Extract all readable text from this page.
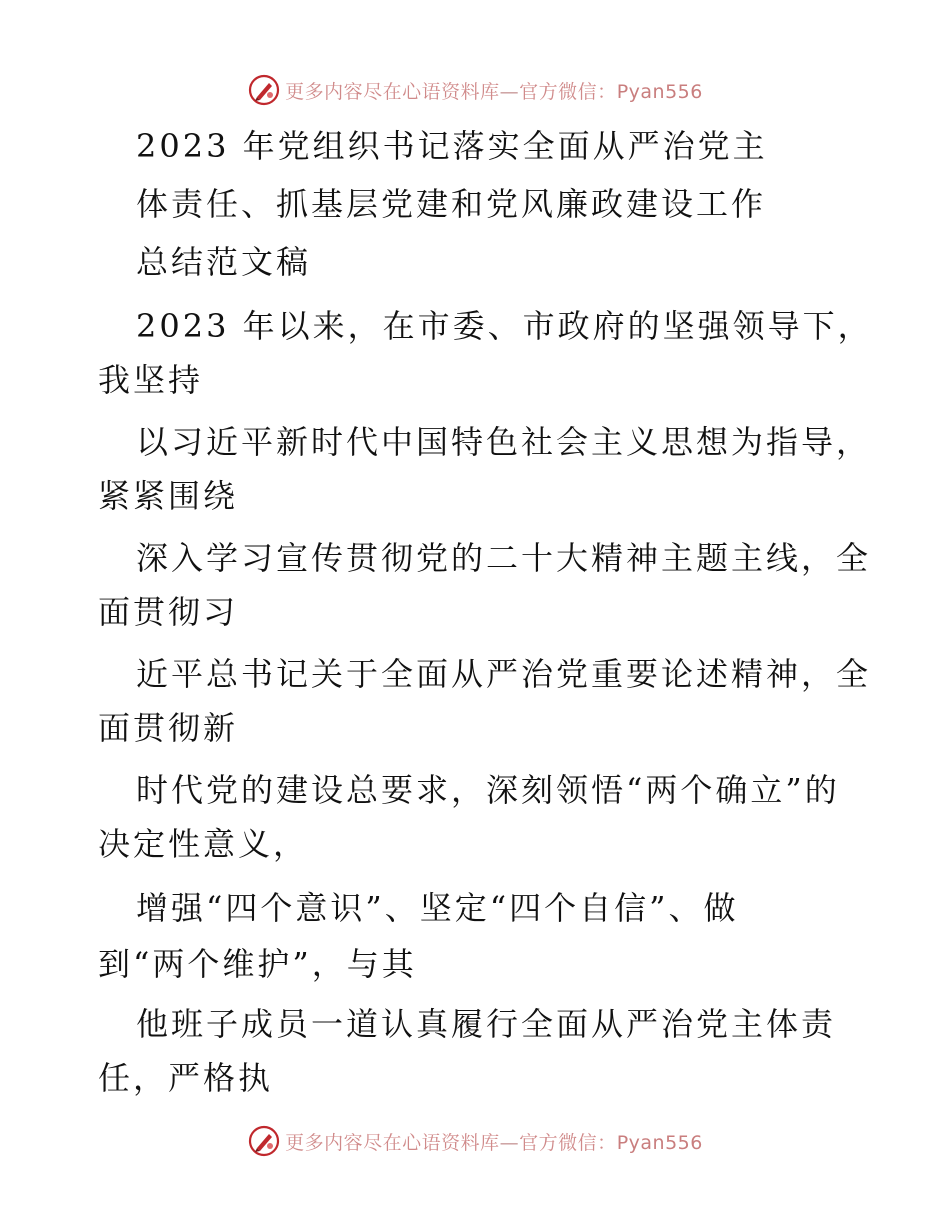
更多内容尽在心语资料库—官方微信：Pyan556
2023 年党组织书记落实全面从严治党主
体责任、抓基层党建和党风廉政建设工作
总结范文稿
2023 年以来，在市委、市政府的坚强领导下，
我坚持
以习近平新时代中国特色社会主义思想为指导，
紧紧围绕
深入学习宣传贯彻党的二十大精神主题主线，全
面贯彻习
近平总书记关于全面从严治党重要论述精神，全
面贯彻新
时代党的建设总要求，深刻领悟“两个确立”的
决定性意义，
增强“四个意识”、坚定“四个自信”、做
到“两个维护”，与其
他班子成员一道认真履行全面从严治党主体责
任，严格执
更多内容尽在心语资料库—官方微信：Pyan556
